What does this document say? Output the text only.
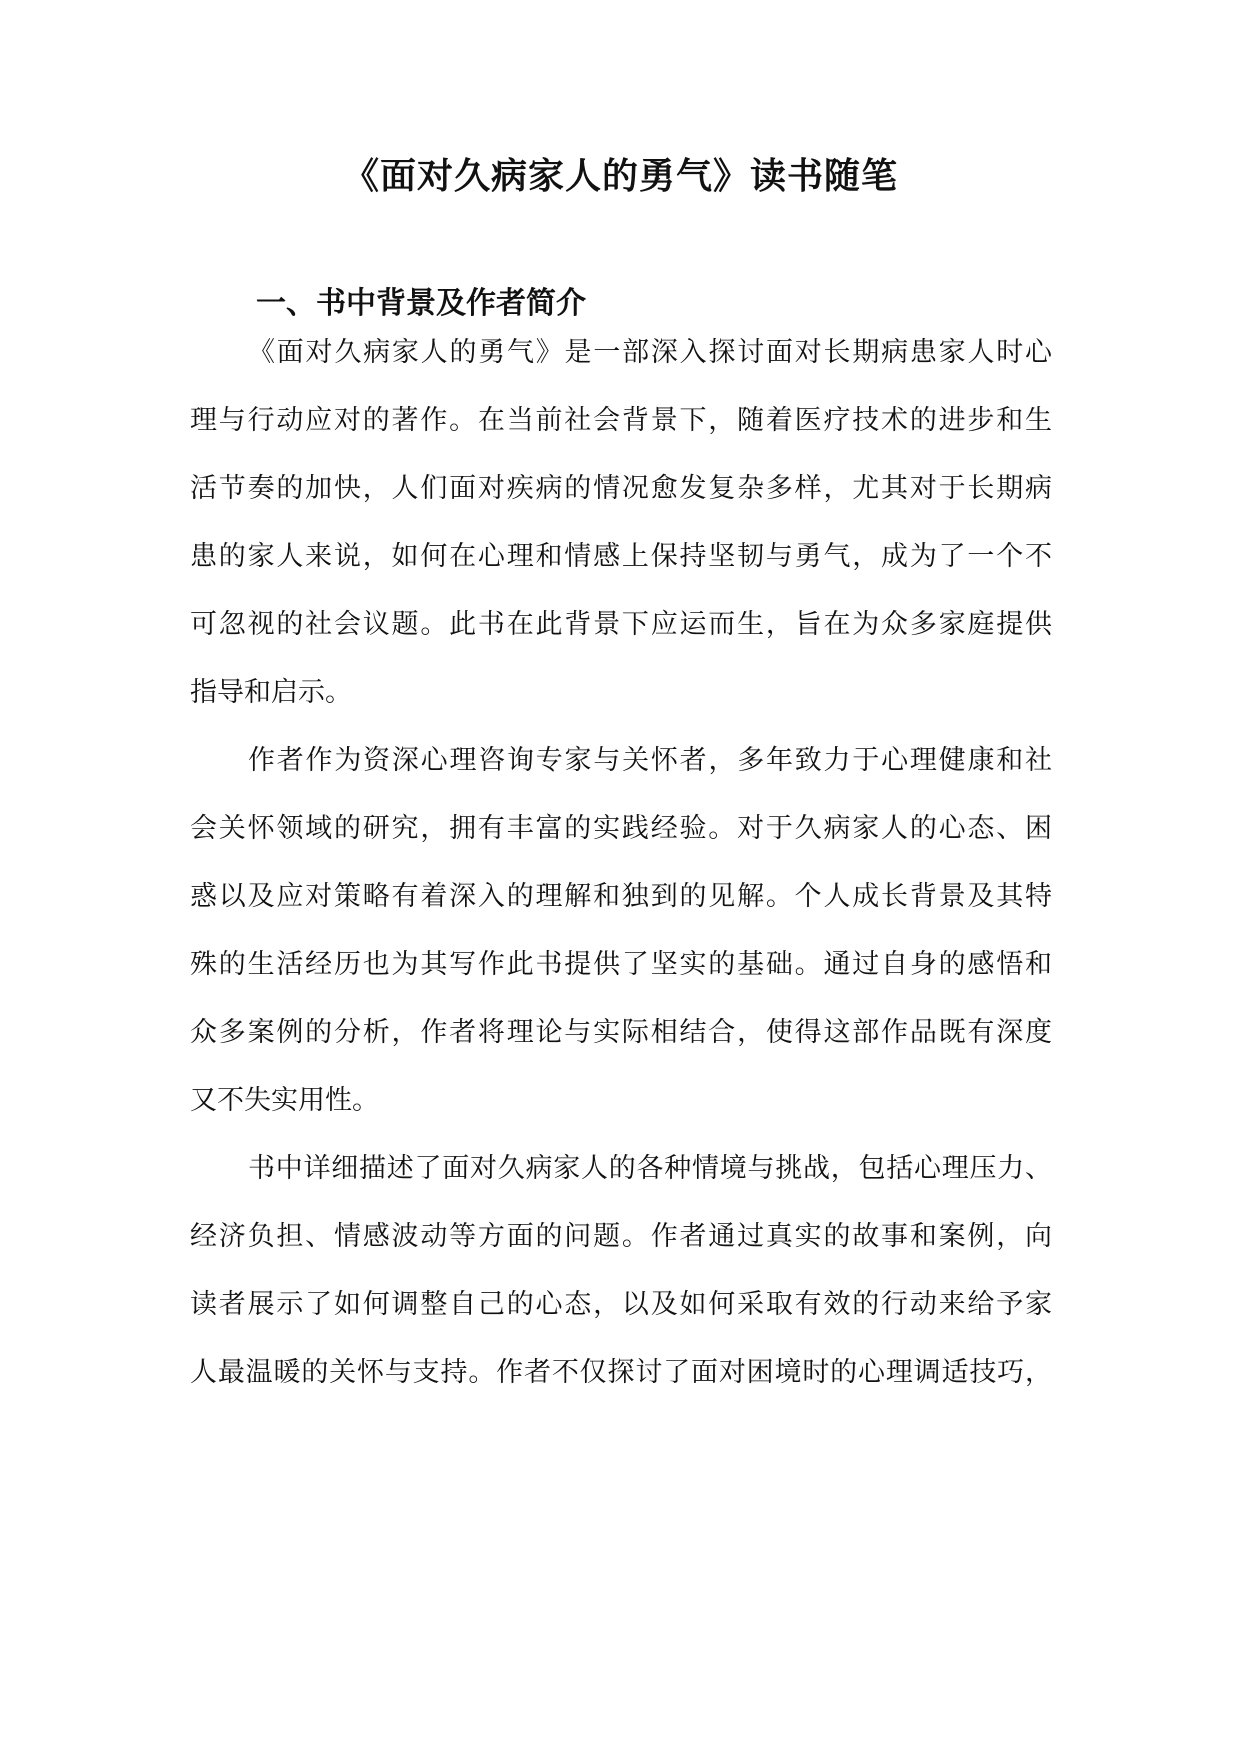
《面对久病家人的勇气》读书随笔
一、书中背景及作者简介
《面对久病家人的勇气》是一部深入探讨面对长期病患家人时心
理与行动应对的著作。在当前社会背景下，随着医疗技术的进步和生
活节奏的加快，人们面对疾病的情况愈发复杂多样，尤其对于长期病
患的家人来说，如何在心理和情感上保持坚韧与勇气，成为了一个不
可忽视的社会议题。此书在此背景下应运而生，旨在为众多家庭提供
指导和启示。
作者作为资深心理咨询专家与关怀者，多年致力于心理健康和社
会关怀领域的研究，拥有丰富的实践经验。对于久病家人的心态、困
惑以及应对策略有着深入的理解和独到的见解。个人成长背景及其特
殊的生活经历也为其写作此书提供了坚实的基础。通过自身的感悟和
众多案例的分析，作者将理论与实际相结合，使得这部作品既有深度
又不失实用性。
书中详细描述了面对久病家人的各种情境与挑战，包括心理压力、
经济负担、情感波动等方面的问题。作者通过真实的故事和案例，向
读者展示了如何调整自己的心态，以及如何采取有效的行动来给予家
人最温暖的关怀与支持。作者不仅探讨了面对困境时的心理调适技巧，
